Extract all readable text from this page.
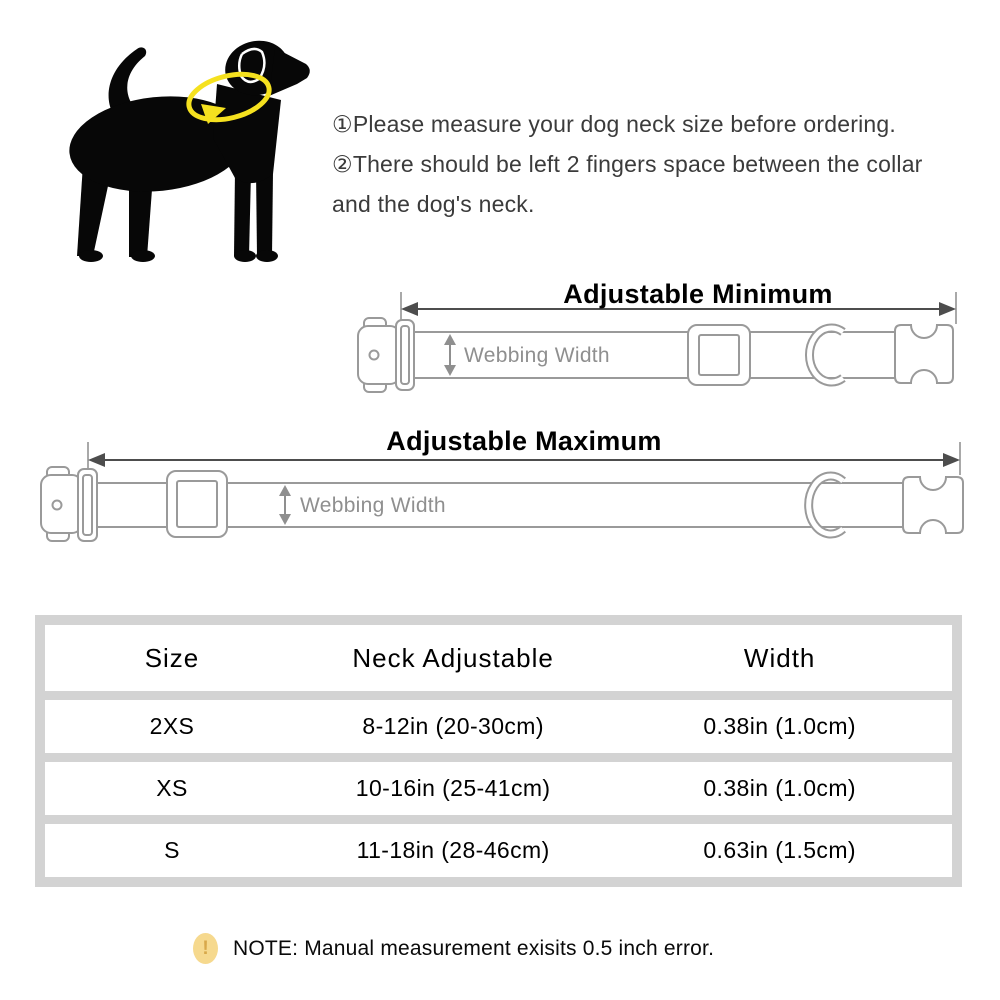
①Please measure your dog neck size before ordering.
②There should be left 2 fingers space between the collar and the dog's neck.
Adjustable Minimum
Webbing Width
Adjustable Maximum
Webbing Width
Size	Neck Adjustable	Width
2XS	8-12in (20-30cm)	0.38in (1.0cm)
XS	10-16in (25-41cm)	0.38in (1.0cm)
S	11-18in (28-46cm)	0.63in (1.5cm)
! NOTE: Manual measurement exisits 0.5 inch error.
